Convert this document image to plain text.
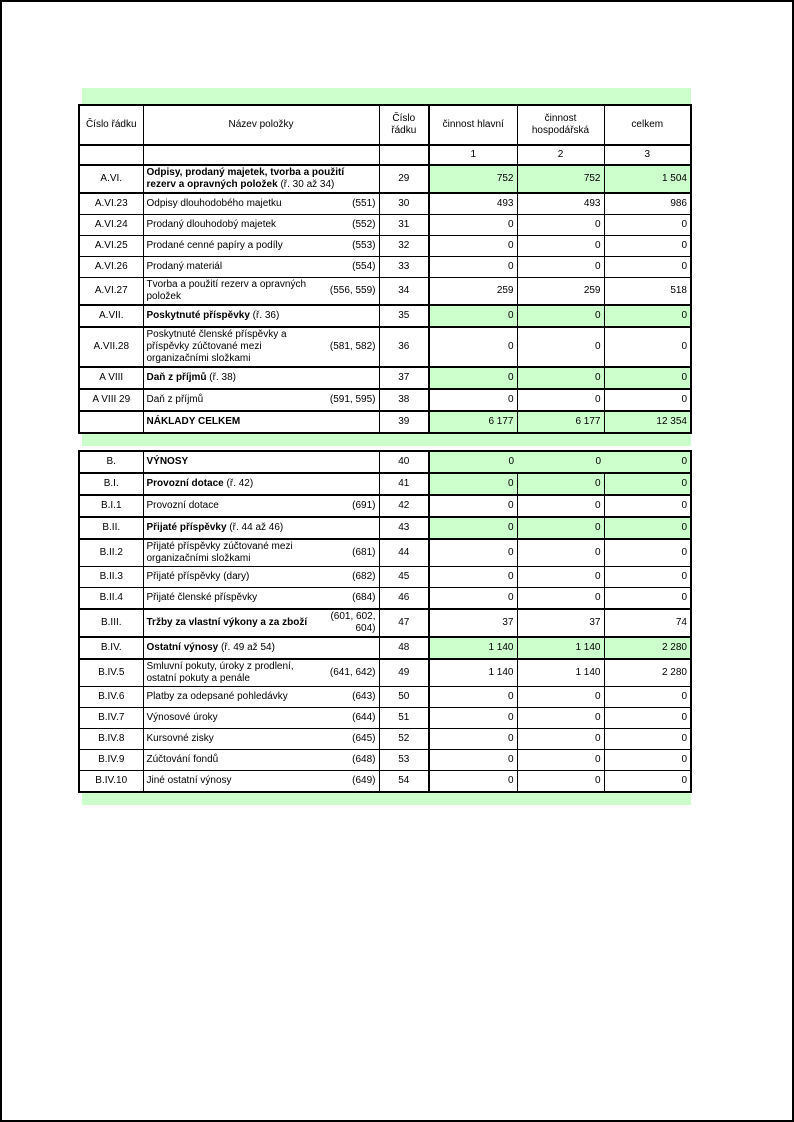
Číslo řádku	Název položky	Číslo řádku	činnost hlavní	činnost hospodářská	celkem
			1	2	3
A.VI.	Odpisy, prodaný majetek, tvorba a použití rezerv a opravných položek (ř. 30 až 34)	29	752	752	1 504
A.VI.23	Odpisy dlouhodobého majetku (551)	30	493	493	986
A.VI.24	Prodaný dlouhodobý majetek (552)	31	0	0	0
A.VI.25	Prodané cenné papíry a podíly (553)	32	0	0	0
A.VI.26	Prodaný materiál (554)	33	0	0	0
A.VI.27	Tvorba a použití rezerv a opravných položek
(556, 559)	34	259	259	518
A.VII.	Poskytnuté příspěvky (ř. 36)	35	0	0	0
A.VII.28	Poskytnuté členské příspěvky a příspěvky zúčtované mezi organizačními složkami
(581, 582)	36	0	0	0
A VIII	Daň z příjmů (ř. 38)	37	0	0	0
A VIII 29	Daň z příjmů (591, 595)	38	0	0	0

	NÁKLADY CELKEM	39	6 177	6 177	12 354
B.	VÝNOSY	40	0	0	0
B.I.	Provozní dotace (ř. 42)	41	0	0	0
B.I.1	Provozní dotace (691)	42	0	0	0
B.II.	Přijaté příspěvky (ř. 44 až 46)	43	0	0	0
B.II.2	Přijaté příspěvky zúčtované mezi organizačními složkami
(681)	44	0	0	0
B.II.3	Přijaté příspěvky (dary) (682)	45	0	0	0
B.II.4	Přijaté členské příspěvky (684)	46	0	0	0
B.III.	Tržby za vlastní výkony a za zboží
(601, 602, 604)	47	37	37	74
B.IV.	Ostatní výnosy (ř. 49 až 54)	48	1 140	1 140	2 280
B.IV.5	Smluvní pokuty, úroky z prodlení, ostatní pokuty a penále
(641, 642)	49	1 140	1 140	2 280
B.IV.6	Platby za odepsané pohledávky (643)	50	0	0	0
B.IV.7	Výnosové úroky (644)	51	0	0	0
B.IV.8	Kursovné zisky (645)	52	0	0	0
B.IV.9	Zúčtování fondů (648)	53	0	0	0
B.IV.10	Jiné ostatní výnosy (649)	54	0	0	0
